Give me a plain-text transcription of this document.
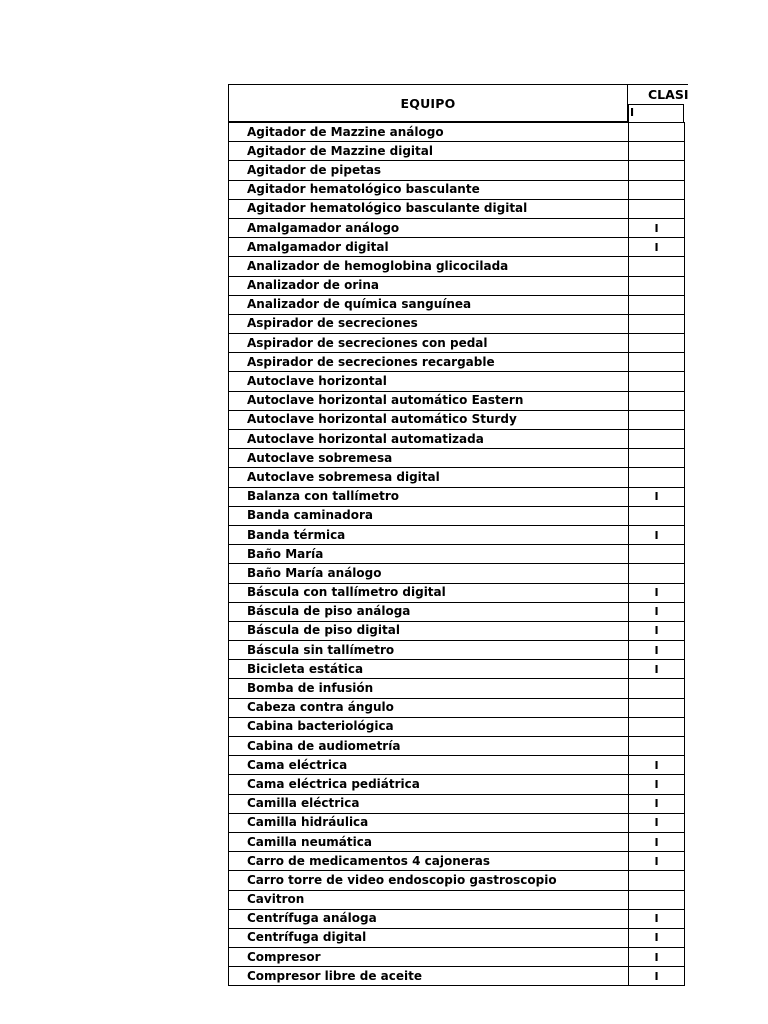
EQUIPO
CLASI
I
Agitador de Mazzine análogo	
Agitador de Mazzine digital	
Agitador de pipetas	
Agitador hematológico basculante	
Agitador hematológico basculante digital	
Amalgamador análogo	I
Amalgamador digital	I
Analizador de hemoglobina glicocilada	
Analizador de orina	
Analizador de química sanguínea	
Aspirador de secreciones	
Aspirador de secreciones con pedal	
Aspirador de secreciones recargable	
Autoclave horizontal	
Autoclave horizontal automático Eastern	
Autoclave horizontal automático Sturdy	
Autoclave horizontal automatizada	
Autoclave sobremesa	
Autoclave sobremesa digital	
Balanza con tallímetro	I
Banda caminadora	
Banda térmica	I
Baño María	
Baño María análogo	
Báscula con tallímetro digital	I
Báscula de piso análoga	I
Báscula de piso digital	I
Báscula sin tallímetro	I
Bicicleta estática	I
Bomba de infusión	
Cabeza contra ángulo	
Cabina bacteriológica	
Cabina de audiometría	
Cama eléctrica	I
Cama eléctrica pediátrica	I
Camilla eléctrica	I
Camilla hidráulica	I
Camilla neumática	I
Carro de medicamentos 4 cajoneras	I
Carro torre de video endoscopio gastroscopio	
Cavitron	
Centrífuga análoga	I
Centrífuga digital	I
Compresor	I
Compresor libre de aceite	I
